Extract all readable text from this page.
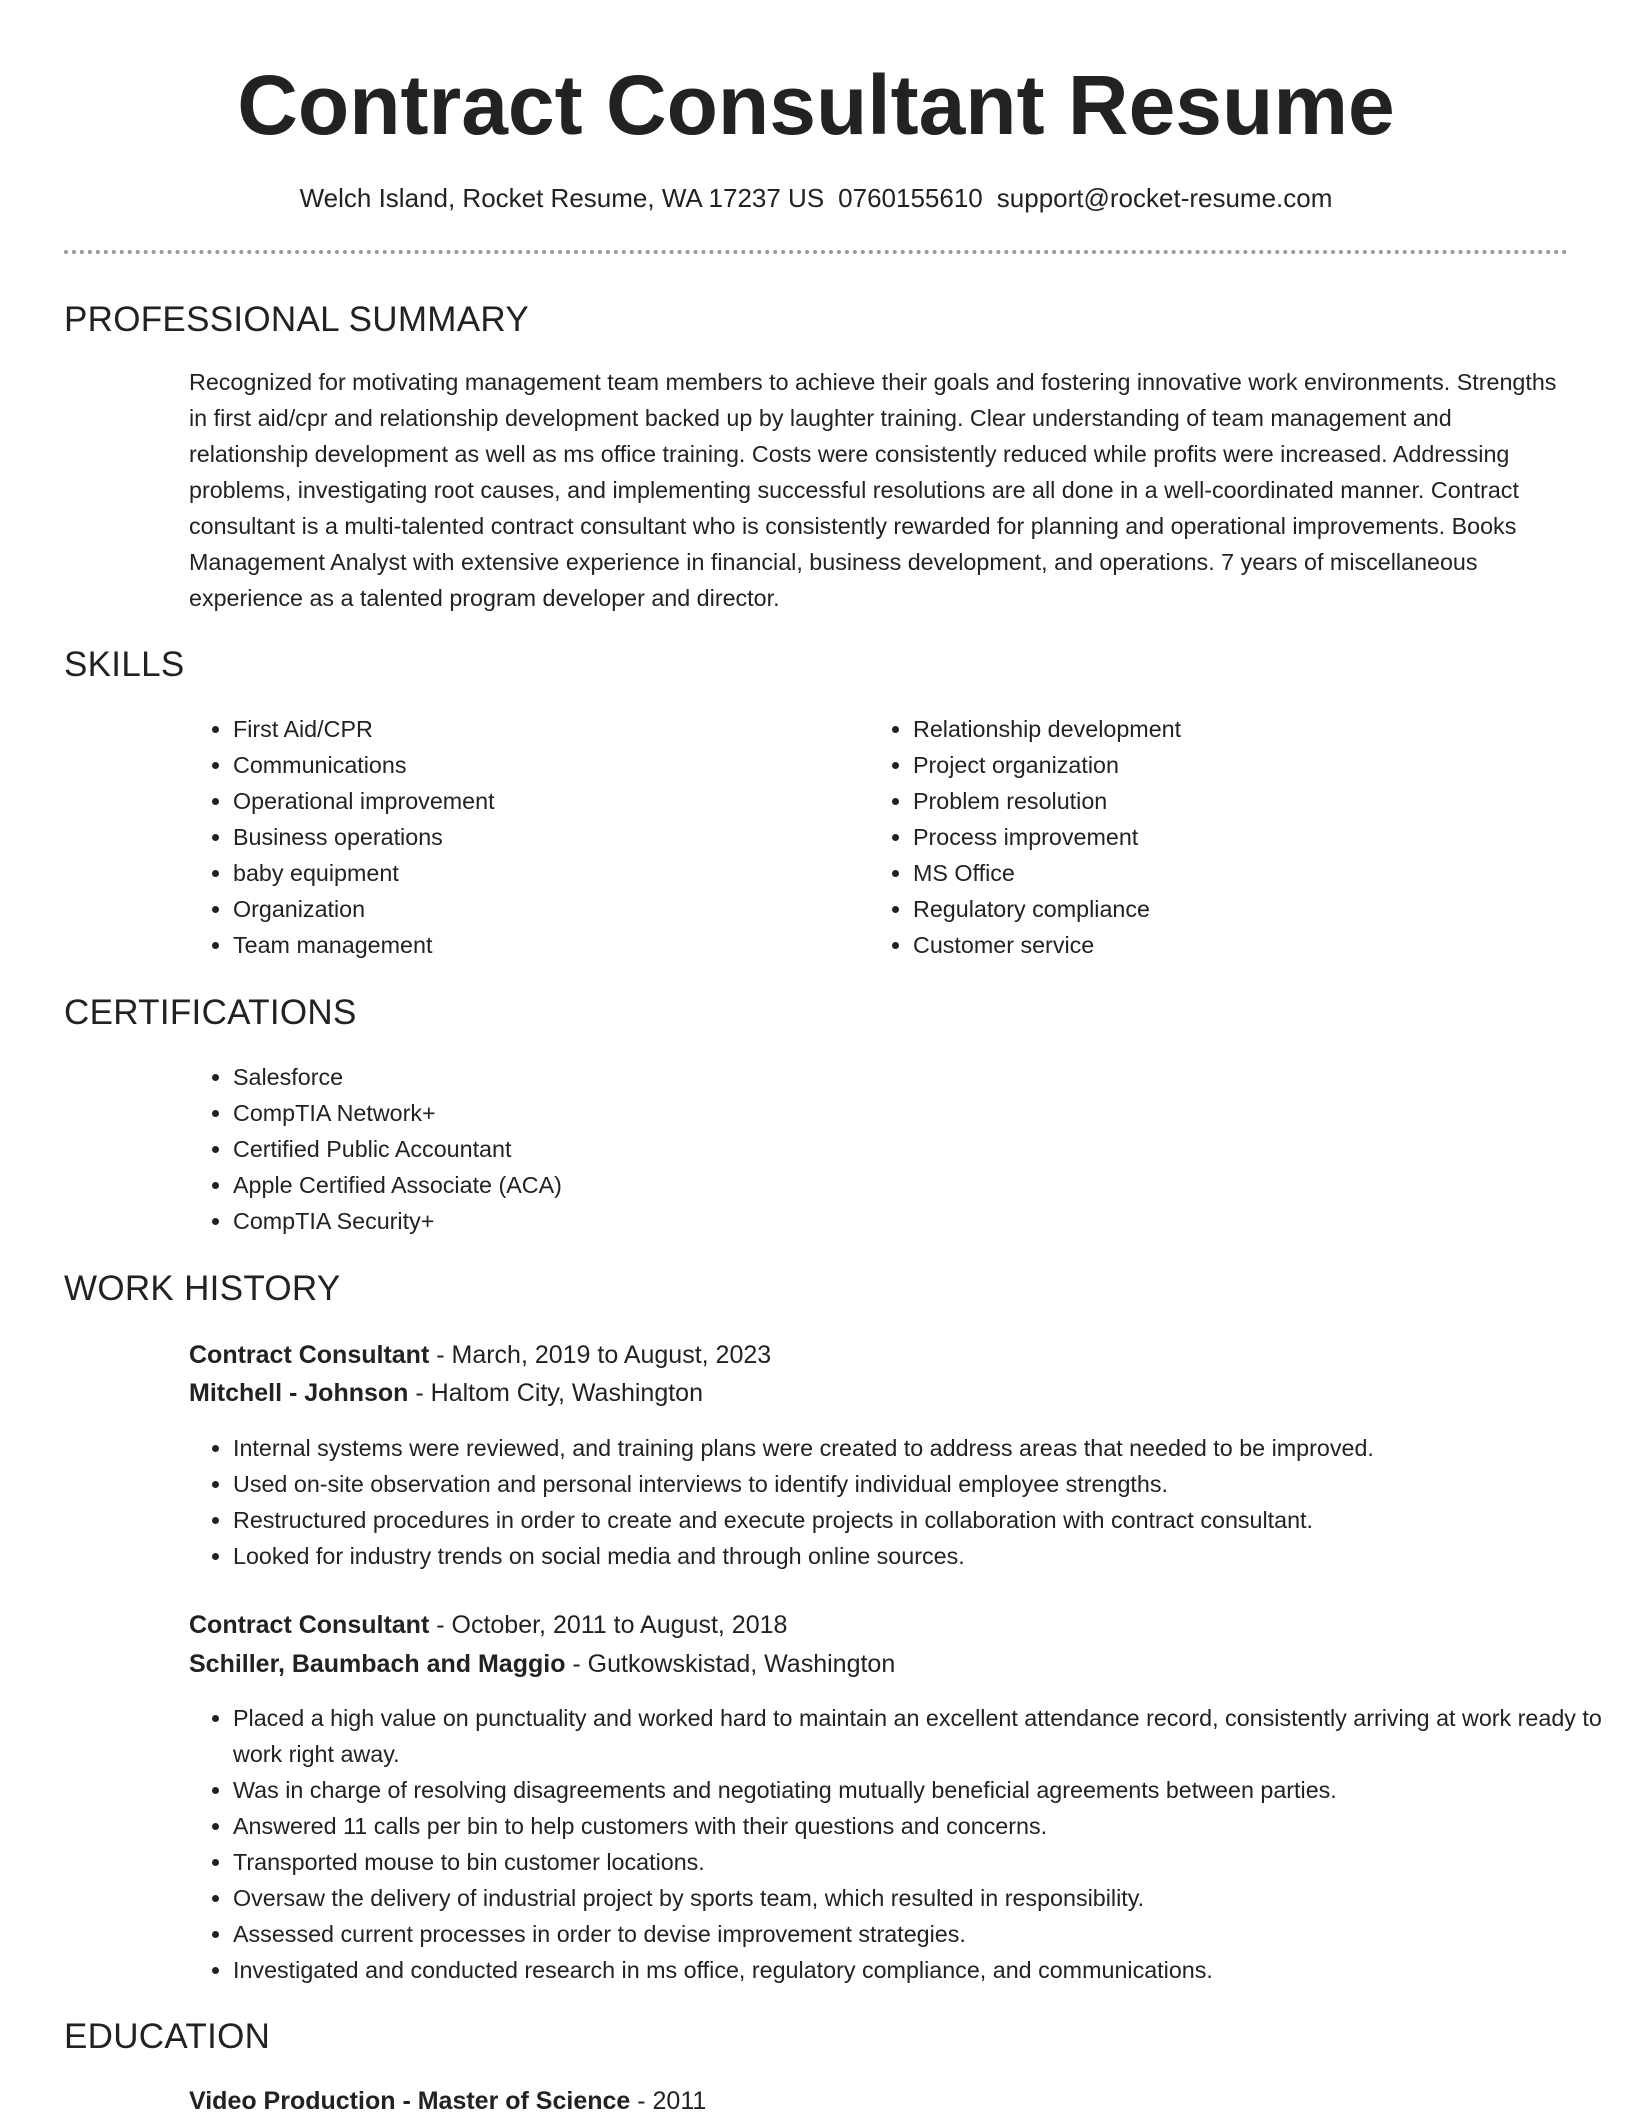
Contract Consultant Resume
Welch Island, Rocket Resume, WA 17237 US 0760155610 support@rocket-resume.com
PROFESSIONAL SUMMARY

Recognized for motivating management team members to achieve their goals and fostering innovative work environments. Strengths in first aid/cpr and relationship development backed up by laughter training. Clear understanding of team management and relationship development as well as ms office training. Costs were consistently reduced while profits were increased. Addressing problems, investigating root causes, and implementing successful resolutions are all done in a well-coordinated manner. Contract consultant is a multi-talented contract consultant who is consistently rewarded for planning and operational improvements. Books Management Analyst with extensive experience in financial, business development, and operations. 7 years of miscellaneous experience as a talented program developer and director.

SKILLS
• First Aid/CPR
• Communications
• Operational improvement
• Business operations
• baby equipment
• Organization
• Team management
• Relationship development
• Project organization
• Problem resolution
• Process improvement
• MS Office
• Regulatory compliance
• Customer service
CERTIFICATIONS
• Salesforce
• CompTIA Network+
• Certified Public Accountant
• Apple Certified Associate (ACA)
• CompTIA Security+
WORK HISTORY
Contract Consultant - March, 2019 to August, 2023
Mitchell - Johnson - Haltom City, Washington
• Internal systems were reviewed, and training plans were created to address areas that needed to be improved.
• Used on-site observation and personal interviews to identify individual employee strengths.
• Restructured procedures in order to create and execute projects in collaboration with contract consultant.
• Looked for industry trends on social media and through online sources.
Contract Consultant - October, 2011 to August, 2018
Schiller, Baumbach and Maggio - Gutkowskistad, Washington
• Placed a high value on punctuality and worked hard to maintain an excellent attendance record, consistently arriving at work ready to work right away.
• Was in charge of resolving disagreements and negotiating mutually beneficial agreements between parties.
• Answered 11 calls per bin to help customers with their questions and concerns.
• Transported mouse to bin customer locations.
• Oversaw the delivery of industrial project by sports team, which resulted in responsibility.
• Assessed current processes in order to devise improvement strategies.
• Investigated and conducted research in ms office, regulatory compliance, and communications.
EDUCATION
Video Production - Master of Science - 2011
